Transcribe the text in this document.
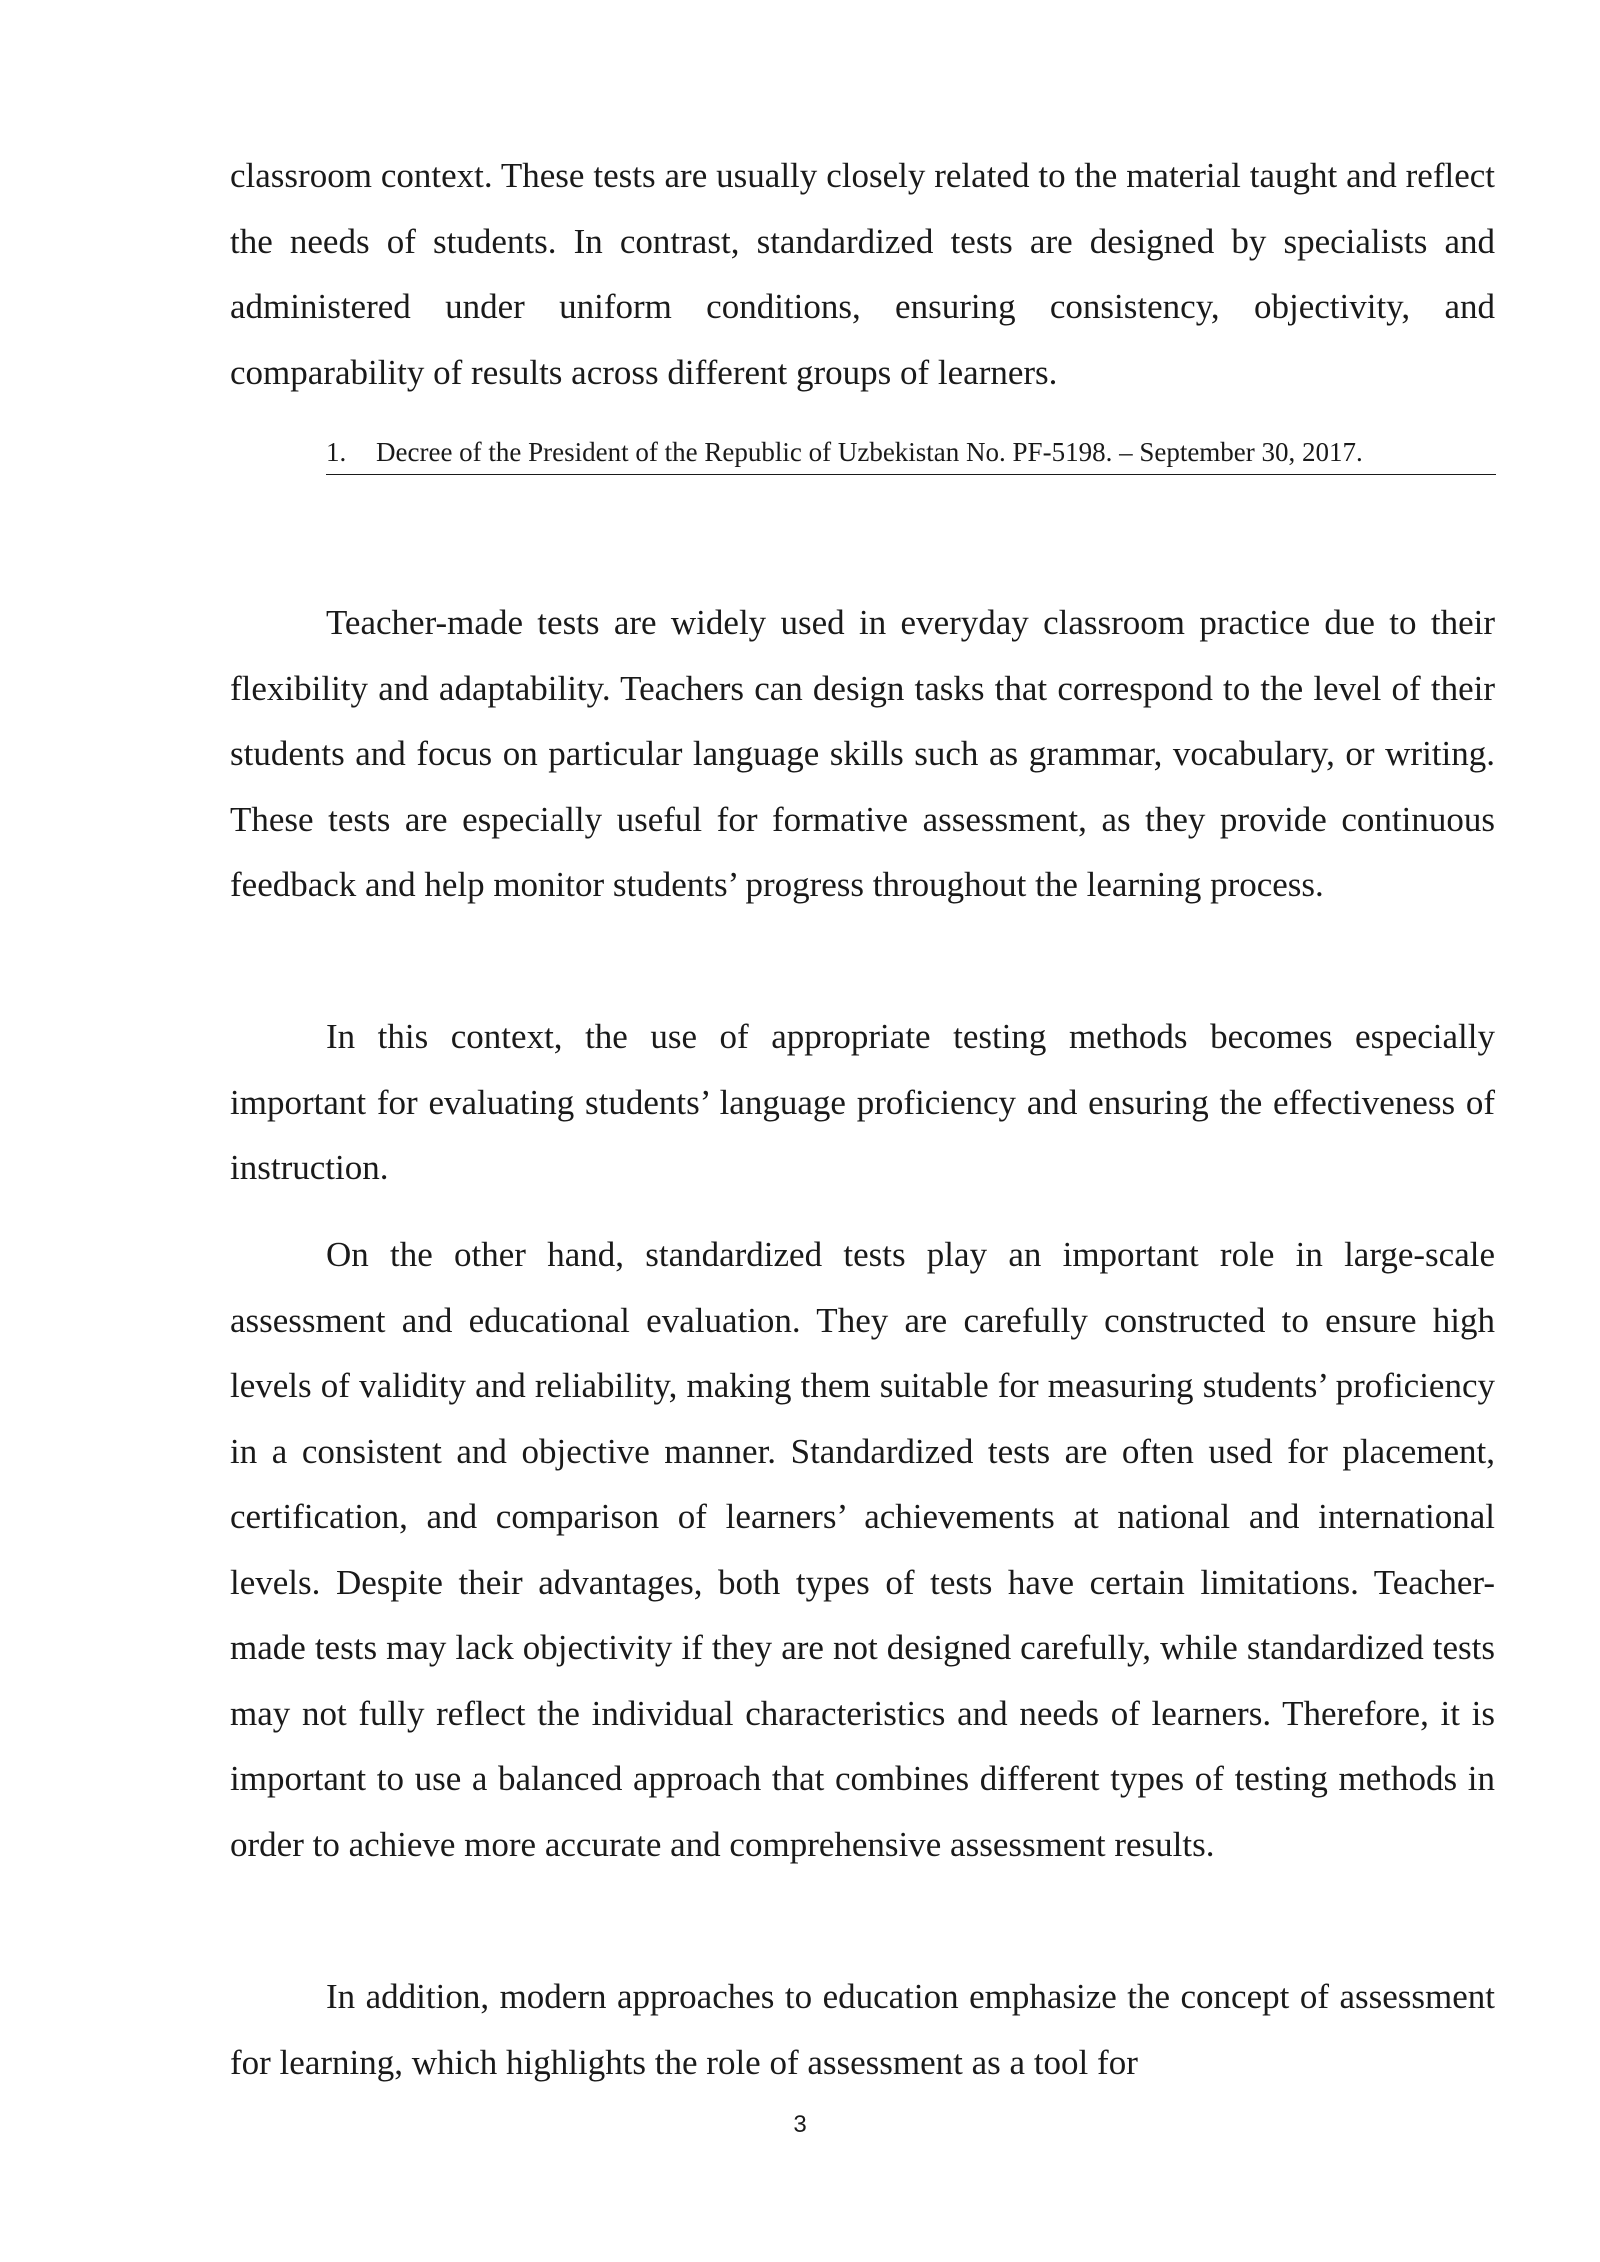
classroom context. These tests are usually closely related to the material taught and reflect the needs of students. In contrast, standardized tests are designed by specialists and administered under uniform conditions, ensuring consistency, objectivity, and comparability of results across different groups of learners.

1. Decree of the President of the Republic of Uzbekistan No. PF-5198. – September 30, 2017.

Teacher-made tests are widely used in everyday classroom practice due to their flexibility and adaptability. Teachers can design tasks that correspond to the level of their students and focus on particular language skills such as grammar, vocabulary, or writing. These tests are especially useful for formative assessment, as they provide continuous feedback and help monitor students’ progress throughout the learning process.

In this context, the use of appropriate testing methods becomes especially important for evaluating students’ language proficiency and ensuring the effectiveness of instruction.

On the other hand, standardized tests play an important role in large-scale assessment and educational evaluation. They are carefully constructed to ensure high levels of validity and reliability, making them suitable for measuring students’ proficiency in a consistent and objective manner. Standardized tests are often used for placement, certification, and comparison of learners’ achievements at national and international levels. Despite their advantages, both types of tests have certain limitations. Teacher-made tests may lack objectivity if they are not designed carefully, while standardized tests may not fully reflect the individual characteristics and needs of learners. Therefore, it is important to use a balanced approach that combines different types of testing methods in order to achieve more accurate and comprehensive assessment results.

In addition, modern approaches to education emphasize the concept of assessment for learning, which highlights the role of assessment as a tool for

3
